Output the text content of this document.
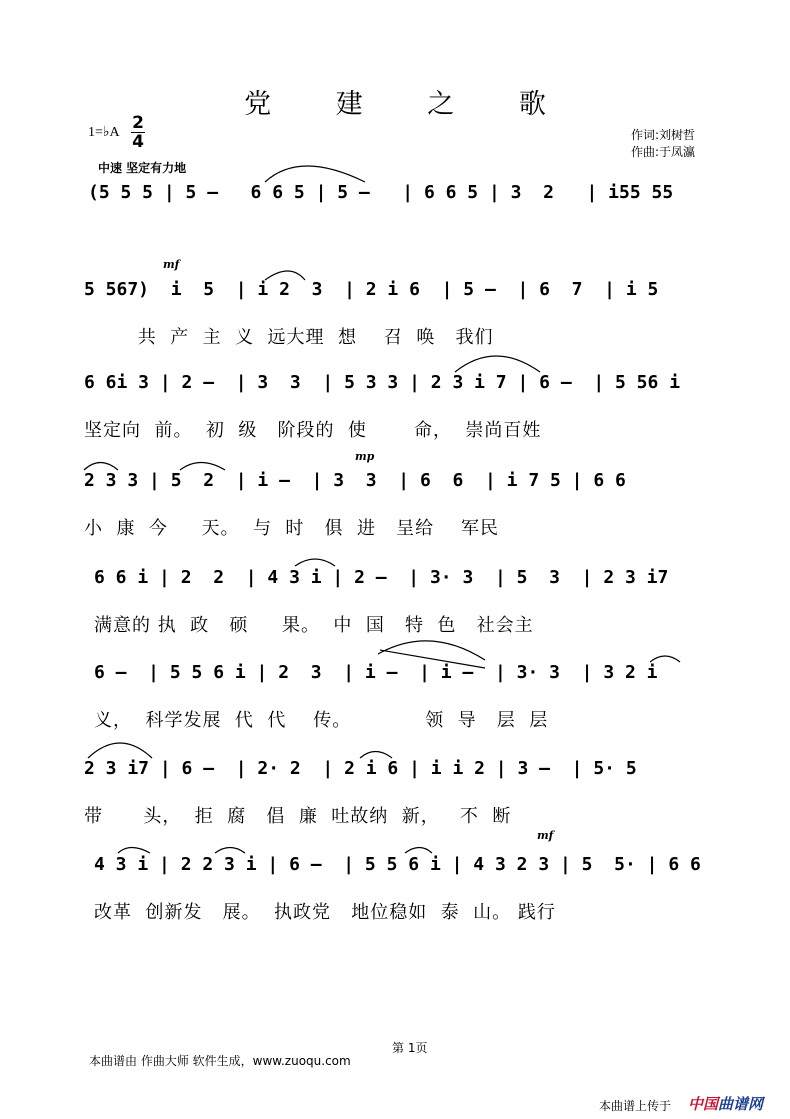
党 建 之 歌
1=♭A 2
4	作词:刘树哲
作曲:于凤瀛
中速 坚定有力地
(5 5 5 | 5 –   6 6 5 | 5 –   | 6 6 5 | 3  2   | i55 55
5 567)  i  5  | i 2  3  | 2 i 6  | 5 –  | 6  7  | i 5
共  产  主  义  远大理  想    召  唤   我们
6 6i 3 | 2 –  | 3  3  | 5 3 3 | 2 3 i 7 | 6 –  | 5 56 i
坚定向  前。  初  级   阶段的  使       命，  崇尚百姓
2 3 3 | 5  2  | i –  | 3  3  | 6  6  | i 7 5 | 6 6
小  康  今     天。  与  时   俱  进   呈给    军民
6 6 i | 2  2  | 4 3 i | 2 –  | 3· 3  | 5  3  | 2 3 i7
满意的 执  政   硕     果。  中  国   特  色   社会主
6 –  | 5 5 6 i | 2  3  | i –  | i –  | 3· 3  | 3 2 i
义，  科学发展  代  代    传。           领  导   层  层
2 3 i7 | 6 –  | 2· 2  | 2 i 6 | i i 2 | 3 –  | 5· 5
带      头，  拒  腐   倡  廉  吐故纳  新，   不  断
4 3 i | 2 2 3 i | 6 –  | 5 5 6 i | 4 3 2 3 | 5  5· | 6 6
改革  创新发   展。  执政党   地位稳如  泰  山。 践行
mf
mp
mf
第 1页
本曲谱由 作曲大师 软件生成，www.zuoqu.com
本曲谱上传于 中国曲谱网
